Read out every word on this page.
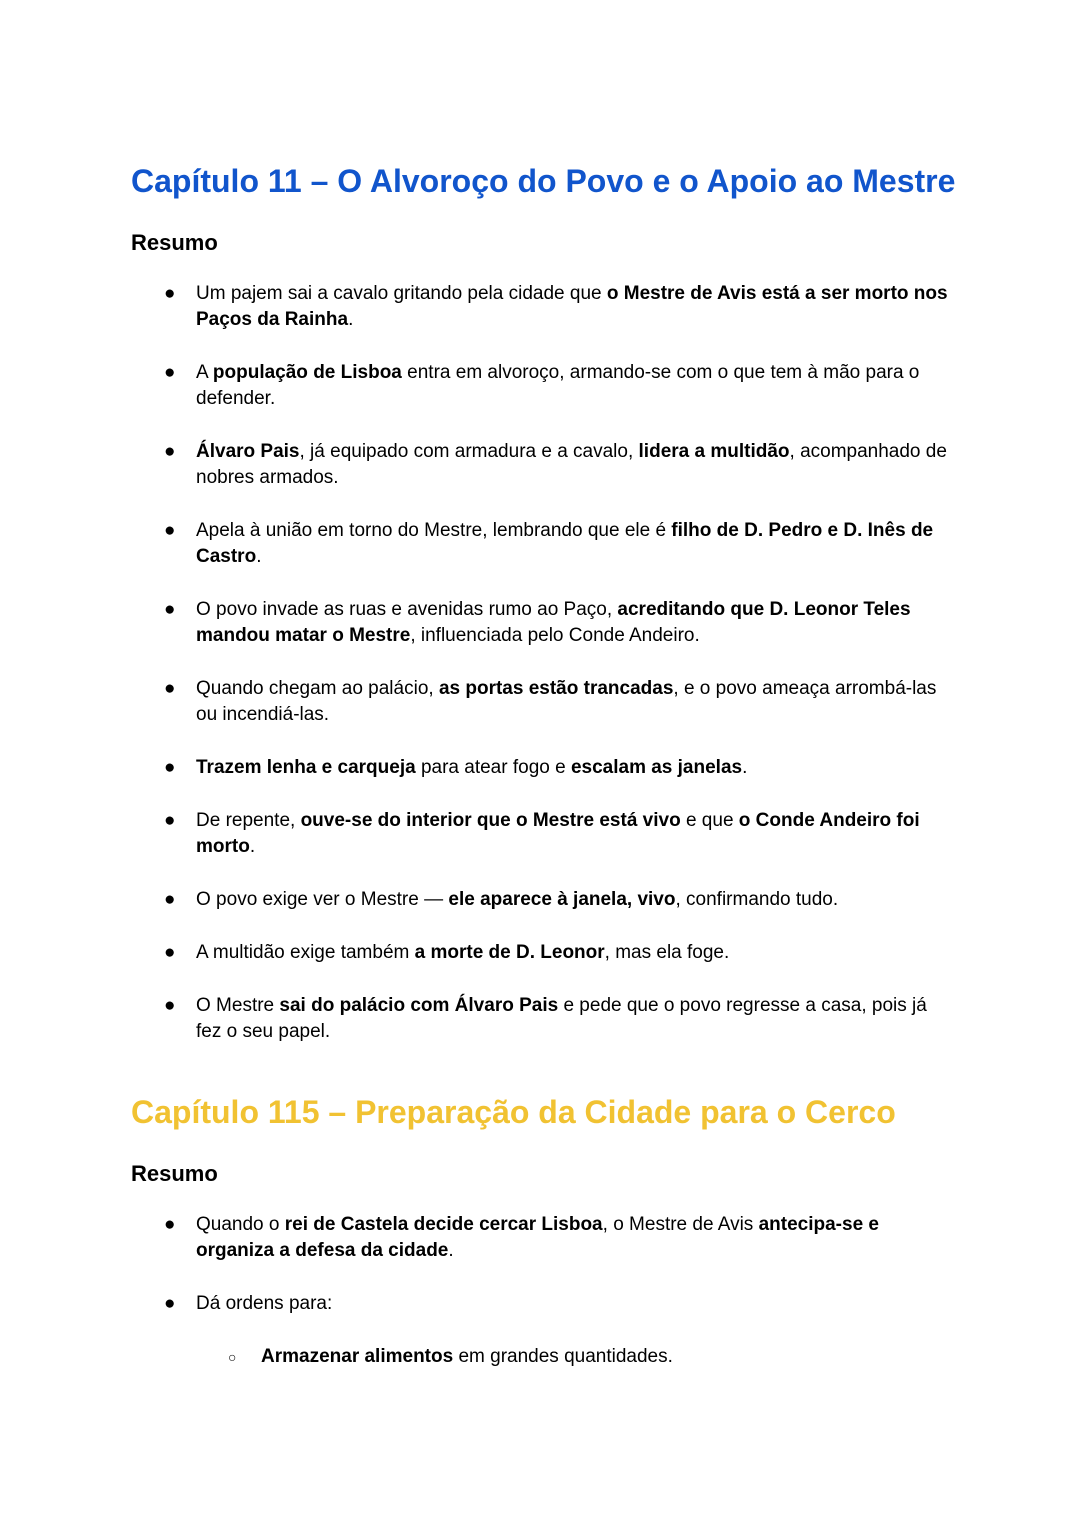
Capítulo 11 – O Alvoroço do Povo e o Apoio ao Mestre
Resumo
● Um pajem sai a cavalo gritando pela cidade que o Mestre de Avis está a ser morto nos Paços da Rainha.
● A população de Lisboa entra em alvoroço, armando-se com o que tem à mão para o defender.
● Álvaro Pais, já equipado com armadura e a cavalo, lidera a multidão, acompanhado de nobres armados.
● Apela à união em torno do Mestre, lembrando que ele é filho de D. Pedro e D. Inês de Castro.
● O povo invade as ruas e avenidas rumo ao Paço, acreditando que D. Leonor Teles mandou matar o Mestre, influenciada pelo Conde Andeiro.
● Quando chegam ao palácio, as portas estão trancadas, e o povo ameaça arrombá-las ou incendiá-las.
● Trazem lenha e carqueja para atear fogo e escalam as janelas.
● De repente, ouve-se do interior que o Mestre está vivo e que o Conde Andeiro foi morto.
● O povo exige ver o Mestre — ele aparece à janela, vivo, confirmando tudo.
● A multidão exige também a morte de D. Leonor, mas ela foge.
● O Mestre sai do palácio com Álvaro Pais e pede que o povo regresse a casa, pois já fez o seu papel.
Capítulo 115 – Preparação da Cidade para o Cerco
Resumo
● Quando o rei de Castela decide cercar Lisboa, o Mestre de Avis antecipa-se e organiza a defesa da cidade.
● Dá ordens para:
○ Armazenar alimentos em grandes quantidades.
